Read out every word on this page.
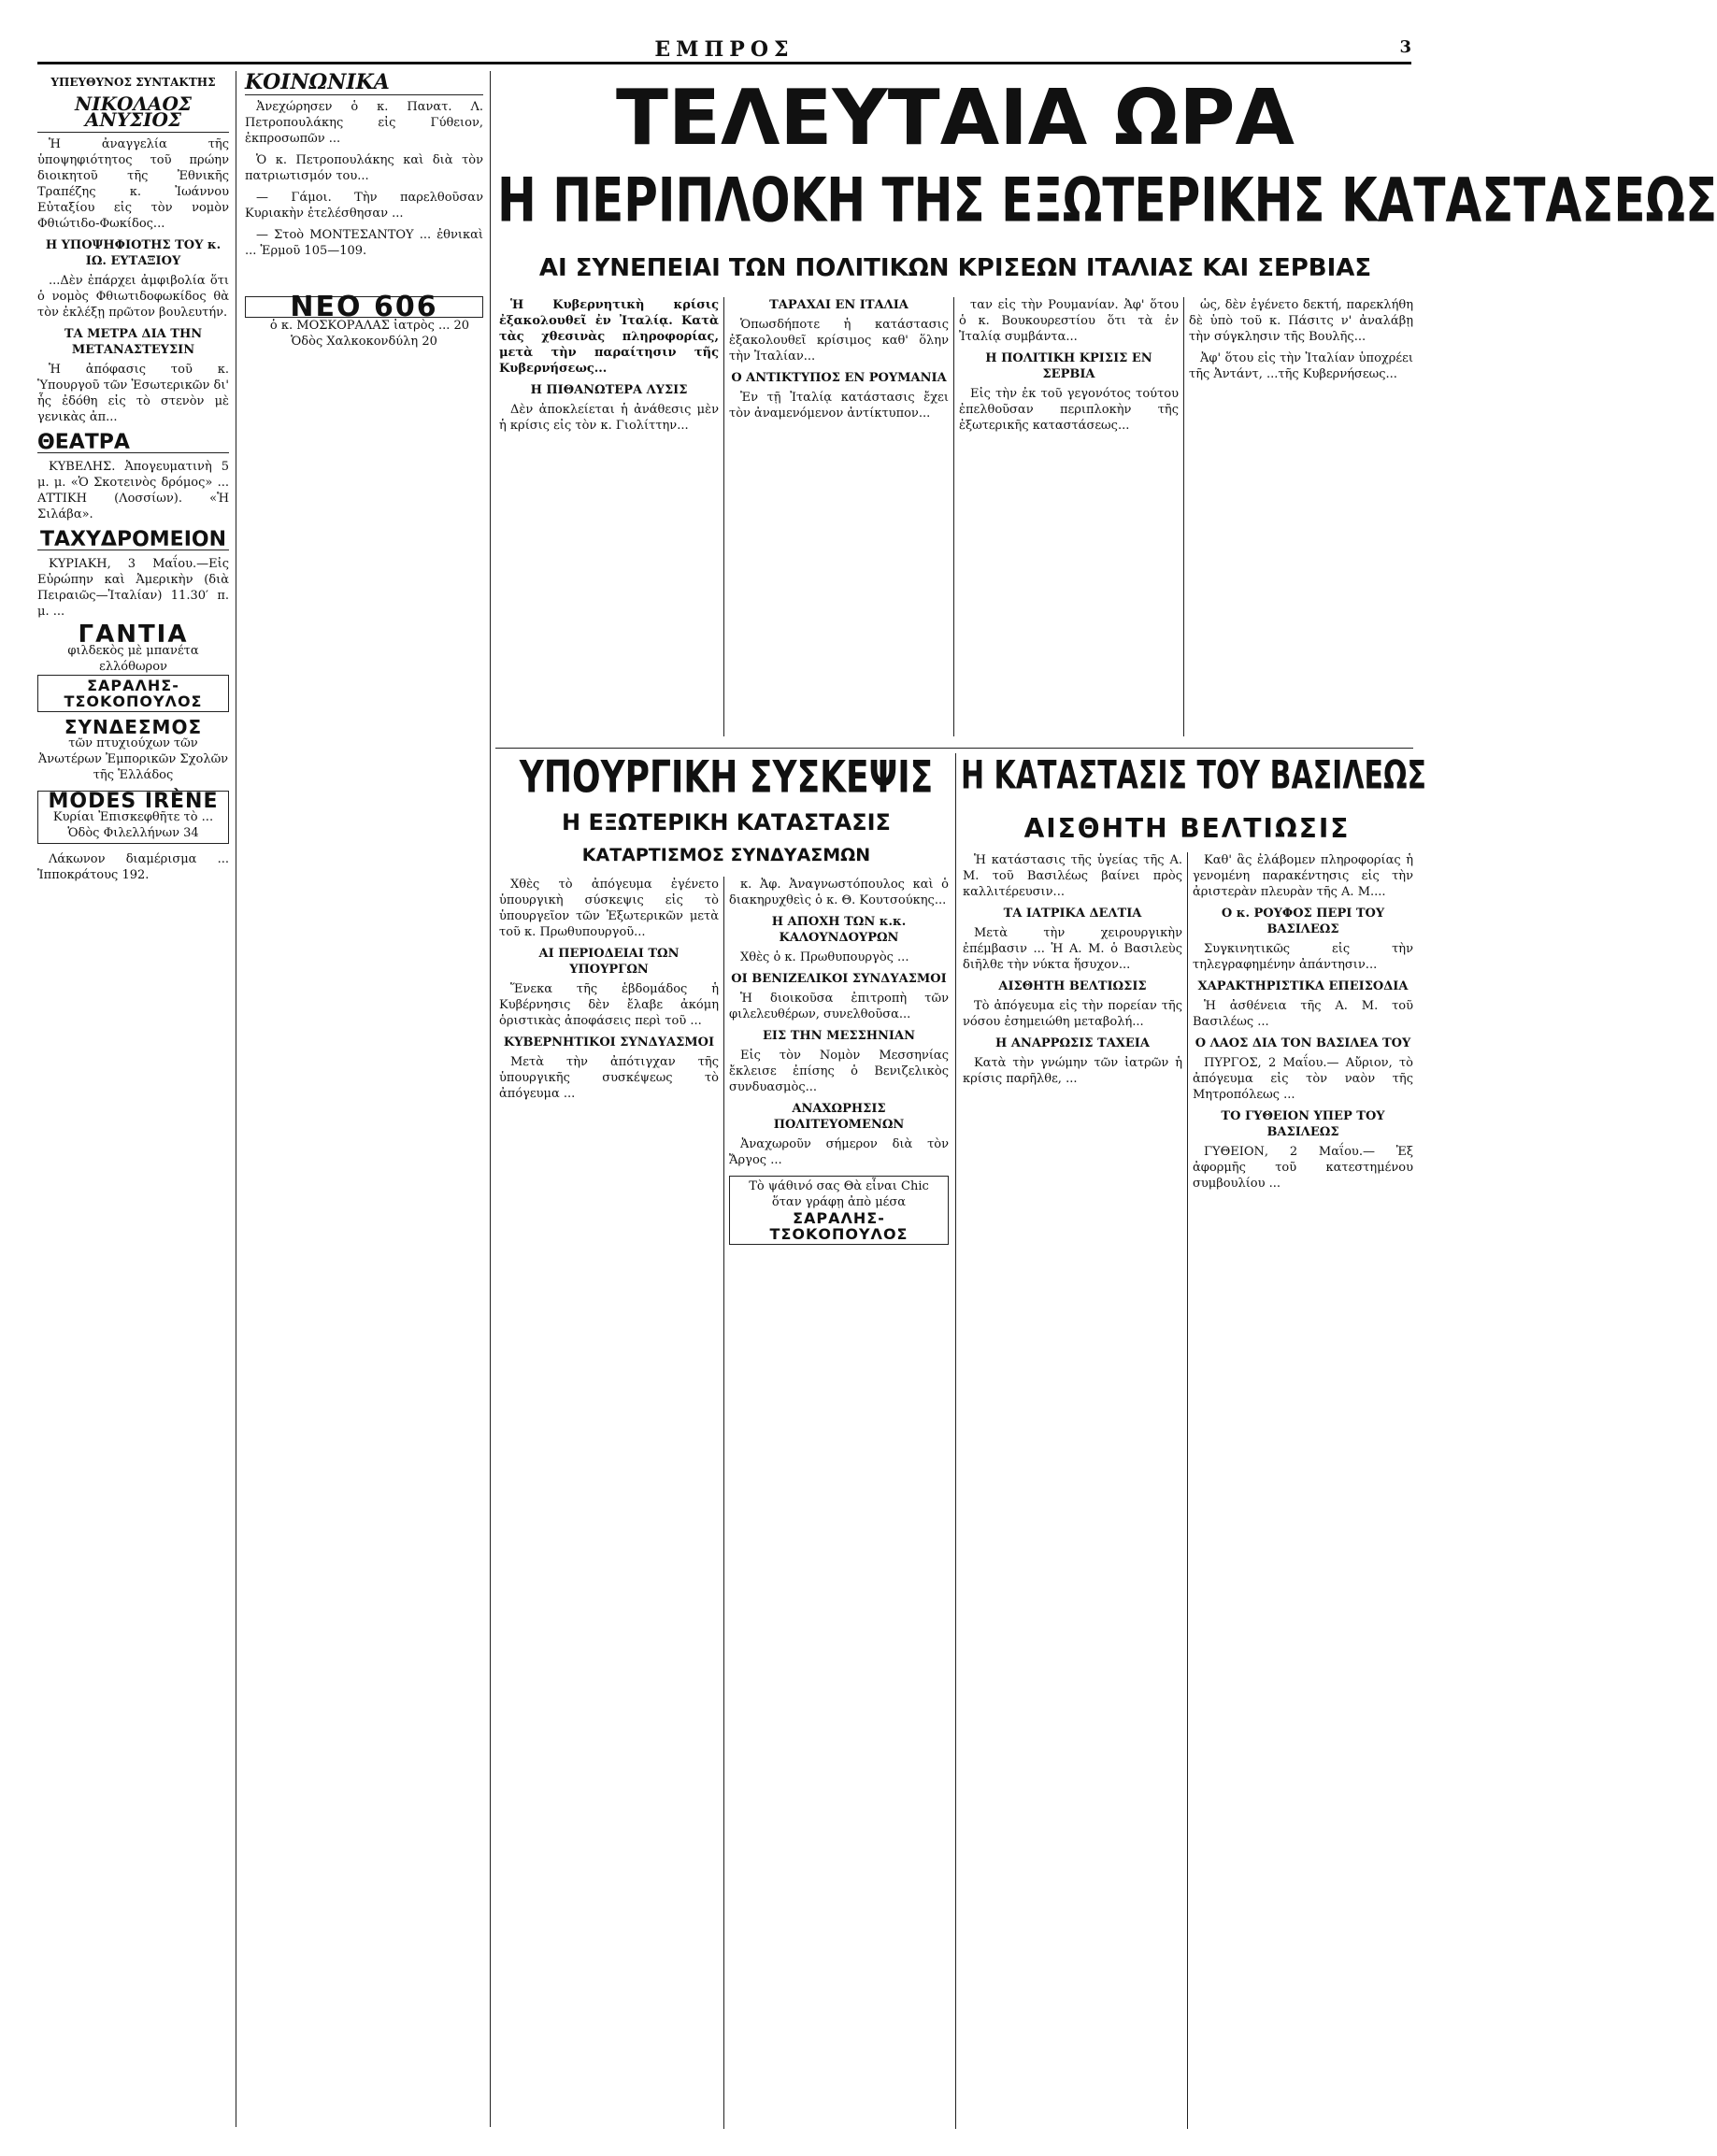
ΕΜΠΡΟΣ	3
ΥΠΕΥΘΥΝΟΣ ΣΥΝΤΑΚΤΗΣ
ΝΙΚΟΛΑΟΣ ΑΝΥΣΙΟΣ

Ἡ ἀναγγελία τῆς ὑποψηφιότητος τοῦ πρώην διοικητοῦ τῆς Ἐθνικῆς Τραπέζης κ. Ἰωάννου Εὐταξίου εἰς τὸν νομὸν Φθιώτιδο-Φωκίδος...

Η ΥΠΟΨΗΦΙΟΤΗΣ ΤΟΥ κ. ΙΩ. ΕΥΤΑΞΙΟΥ

...Δὲν ἐπάρχει ἀμφιβολία ὅτι ὁ νομὸς Φθιωτιδοφωκίδος θὰ τὸν ἐκλέξῃ πρῶτον βουλευτήν.

ΤΑ ΜΕΤΡΑ ΔΙΑ ΤΗΝ ΜΕΤΑΝΑΣΤΕΥΣΙΝ

Ἡ ἀπόφασις τοῦ κ. Ὑπουργοῦ τῶν Ἐσωτερικῶν δι' ἧς ἐδόθη εἰς τὸ στενὸν μὲ γενικὰς ἀπ...

ΘΕΑΤΡΑ

ΚΥΒΕΛΗΣ. Ἀπογευματινὴ 5 μ. μ. «Ὁ Σκοτεινὸς δρόμος» ... ΑΤΤΙΚΗ (Λοσσίων). «Ἡ Σιλάβα».

ΤΑΧΥΔΡΟΜΕΙΟΝ

ΚΥΡΙΑΚΗ, 3 Μαΐου.—Εἰς Εὐρώπην καὶ Ἀμερικὴν (διὰ Πειραιῶς—Ἰταλίαν) 11.30′ π. μ. ...

ΓΑΝΤΙΑ
φιλδεκὸς μὲ μπανέτα ελλόθωρον
ΣΑΡΑΛΗΣ-ΤΣΟΚΟΠΟΥΛΟΣ
ΣΥΝΔΕΣΜΟΣ
τῶν πτυχιούχων τῶν Ἀνωτέρων Ἐμπορικῶν Σχολῶν τῆς Ἑλλάδος
MODES IRÈNE
Κυρίαι Ἐπισκεφθῆτε τὸ ... Ὁδὸς Φιλελλήνων 34

Λάκωνον διαμέρισμα ... Ἱπποκράτους 192.

ΚΟΙΝΩΝΙΚΑ

Ἀνεχώρησεν ὁ κ. Πανατ. Λ. Πετροπουλάκης εἰς Γύθειον, ἐκπροσωπῶν ...

Ὁ κ. Πετροπουλάκης καὶ διὰ τὸν πατριωτισμόν του...

— Γάμοι. Τὴν παρελθοῦσαν Κυριακὴν ἐτελέσθησαν ...

— Στοὸ ΜΟΝΤΕΣΑΝΤΟΥ ... ἐθνικαὶ ... Ἑρμοῦ 105—109.

ΝΕΟ 606

ὁ κ. ΜΟΣΚΟΡΑΛΑΣ ἰατρὸς ... 20 Ὁδὸς Χαλκοκονδύλη 20

ΤΕΛΕΥΤΑΙΑ ΩΡΑ
Η ΠΕΡΙΠΛΟΚΗ ΤΗΣ ΕΞΩΤΕΡΙΚΗΣ ΚΑΤΑΣΤΑΣΕΩΣ
ΑΙ ΣΥΝΕΠΕΙΑΙ ΤΩΝ ΠΟΛΙΤΙΚΩΝ ΚΡΙΣΕΩΝ ΙΤΑΛΙΑΣ ΚΑΙ ΣΕΡΒΙΑΣ

Ἡ Κυβερνητικὴ κρίσις ἐξακολουθεῖ ἐν Ἰταλίᾳ. Κατὰ τὰς χθεσινὰς πληροφορίας, μετὰ τὴν παραίτησιν τῆς Κυβερνήσεως...

Η ΠΙΘΑΝΩΤΕΡΑ ΛΥΣΙΣ

Δὲν ἀποκλείεται ἡ ἀνάθεσις μὲν ἡ κρίσις εἰς τὸν κ. Γιολίττην...

ΤΑΡΑΧΑΙ ΕΝ ΙΤΑΛΙΑ

Ὁπωσδήποτε ἡ κατάστασις ἐξακολουθεῖ κρίσιμος καθ' ὅλην τὴν Ἰταλίαν...

Ο ΑΝΤΙΚΤΥΠΟΣ ΕΝ ΡΟΥΜΑΝΙΑ

Ἐν τῇ Ἰταλίᾳ κατάστασις ἔχει τὸν ἀναμενόμενον ἀντίκτυπον...

ταν εἰς τὴν Ρουμανίαν. Ἀφ' ὅτου ὁ κ. Βουκουρεστίου ὅτι τὰ ἐν Ἰταλίᾳ συμβάντα...

Η ΠΟΛΙΤΙΚΗ ΚΡΙΣΙΣ ΕΝ ΣΕΡΒΙΑ

Εἰς τὴν ἐκ τοῦ γεγονότος τούτου ἐπελθοῦσαν περιπλοκὴν τῆς ἐξωτερικῆς καταστάσεως...

ὡς, δὲν ἐγένετο δεκτή, παρεκλήθη δὲ ὑπὸ τοῦ κ. Πάσιτς ν' ἀναλάβῃ τὴν σύγκλησιν τῆς Βουλῆς...

Ἀφ' ὅτου εἰς τὴν Ἰταλίαν ὑποχρέει τῆς Ἀντάντ, ...τῆς Κυβερνήσεως...

ΥΠΟΥΡΓΙΚΗ ΣΥΣΚΕΨΙΣ
Η ΕΞΩΤΕΡΙΚΗ ΚΑΤΑΣΤΑΣΙΣ
ΚΑΤΑΡΤΙΣΜΟΣ ΣΥΝΔΥΑΣΜΩΝ

Χθὲς τὸ ἀπόγευμα ἐγένετο ὑπουργικὴ σύσκεψις εἰς τὸ ὑπουργεῖον τῶν Ἐξωτερικῶν μετὰ τοῦ κ. Πρωθυπουργοῦ...

ΑΙ ΠΕΡΙΟΔΕΙΑΙ ΤΩΝ ΥΠΟΥΡΓΩΝ

Ἕνεκα τῆς ἑβδομάδος ἡ Κυβέρνησις δὲν ἔλαβε ἀκόμη ὁριστικὰς ἀποφάσεις περὶ τοῦ ...

ΚΥΒΕΡΝΗΤΙΚΟΙ ΣΥΝΔΥΑΣΜΟΙ

Μετὰ τὴν ἀπότιγχαν τῆς ὑπουργικῆς συσκέψεως τὸ ἀπόγευμα ...

κ. Ἀφ. Ἀναγνωστόπουλος καὶ ὁ διακηρυχθεὶς ὁ κ. Θ. Κουτσούκης...

Η ΑΠΟΧΗ ΤΩΝ κ.κ. ΚΑΛΟΥΝΔΟΥΡΩΝ

Χθὲς ὁ κ. Πρωθυπουργὸς ...

ΟΙ ΒΕΝΙΖΕΛΙΚΟΙ ΣΥΝΔΥΑΣΜΟΙ

Ἡ διοικοῦσα ἐπιτροπὴ τῶν φιλελευθέρων, συνελθοῦσα...

ΕΙΣ ΤΗΝ ΜΕΣΣΗΝΙΑΝ

Εἰς τὸν Νομὸν Μεσσηνίας ἔκλεισε ἐπίσης ὁ Βενιζελικὸς συνδυασμὸς...

ΑΝΑΧΩΡΗΣΙΣ ΠΟΛΙΤΕΥΟΜΕΝΩΝ

Ἀναχωροῦν σήμερον διὰ τὸν Ἄργος ...

Τὸ ψάθινό σας Θὰ εἶναι Chic ὅταν γράφῃ ἀπὸ μέσα
ΣΑΡΑΛΗΣ-ΤΣΟΚΟΠΟΥΛΟΣ
Η ΚΑΤΑΣΤΑΣΙΣ ΤΟΥ ΒΑΣΙΛΕΩΣ
ΑΙΣΘΗΤΗ ΒΕΛΤΙΩΣΙΣ

Ἡ κατάστασις τῆς ὑγείας τῆς Α. Μ. τοῦ Βασιλέως βαίνει πρὸς καλλιτέρευσιν...

ΤΑ ΙΑΤΡΙΚΑ ΔΕΛΤΙΑ

Μετὰ τὴν χειρουργικὴν ἐπέμβασιν ... Ἡ Α. Μ. ὁ Βασιλεὺς διῆλθε τὴν νύκτα ἥσυχον...

ΑΙΣΘΗΤΗ ΒΕΛΤΙΩΣΙΣ

Τὸ ἀπόγευμα εἰς τὴν πορείαν τῆς νόσου ἐσημειώθη μεταβολή...

Η ΑΝΑΡΡΩΣΙΣ ΤΑΧΕΙΑ

Κατὰ τὴν γνώμην τῶν ἰατρῶν ἡ κρίσις παρῆλθε, ...

Καθ' ἃς ἐλάβομεν πληροφορίας ἡ γενομένη παρακέντησις εἰς τὴν ἀριστερὰν πλευρὰν τῆς Α. Μ....

Ο κ. ΡΟΥΦΟΣ ΠΕΡΙ ΤΟΥ ΒΑΣΙΛΕΩΣ

Συγκινητικῶς εἰς τὴν τηλεγραφημένην ἀπάντησιν...

ΧΑΡΑΚΤΗΡΙΣΤΙΚΑ ΕΠΕΙΣΟΔΙΑ

Ἡ ἀσθένεια τῆς Α. Μ. τοῦ Βασιλέως ...

Ο ΛΑΟΣ ΔΙΑ ΤΟΝ ΒΑΣΙΛΕΑ ΤΟΥ

ΠΥΡΓΟΣ, 2 Μαΐου.— Αὔριον, τὸ ἀπόγευμα εἰς τὸν ναὸν τῆς Μητροπόλεως ...

ΤΟ ΓΥΘΕΙΟΝ ΥΠΕΡ ΤΟΥ ΒΑΣΙΛΕΩΣ

ΓΥΘΕΙΟΝ, 2 Μαΐου.— Ἐξ ἀφορμῆς τοῦ κατεστημένου συμβουλίου ...
